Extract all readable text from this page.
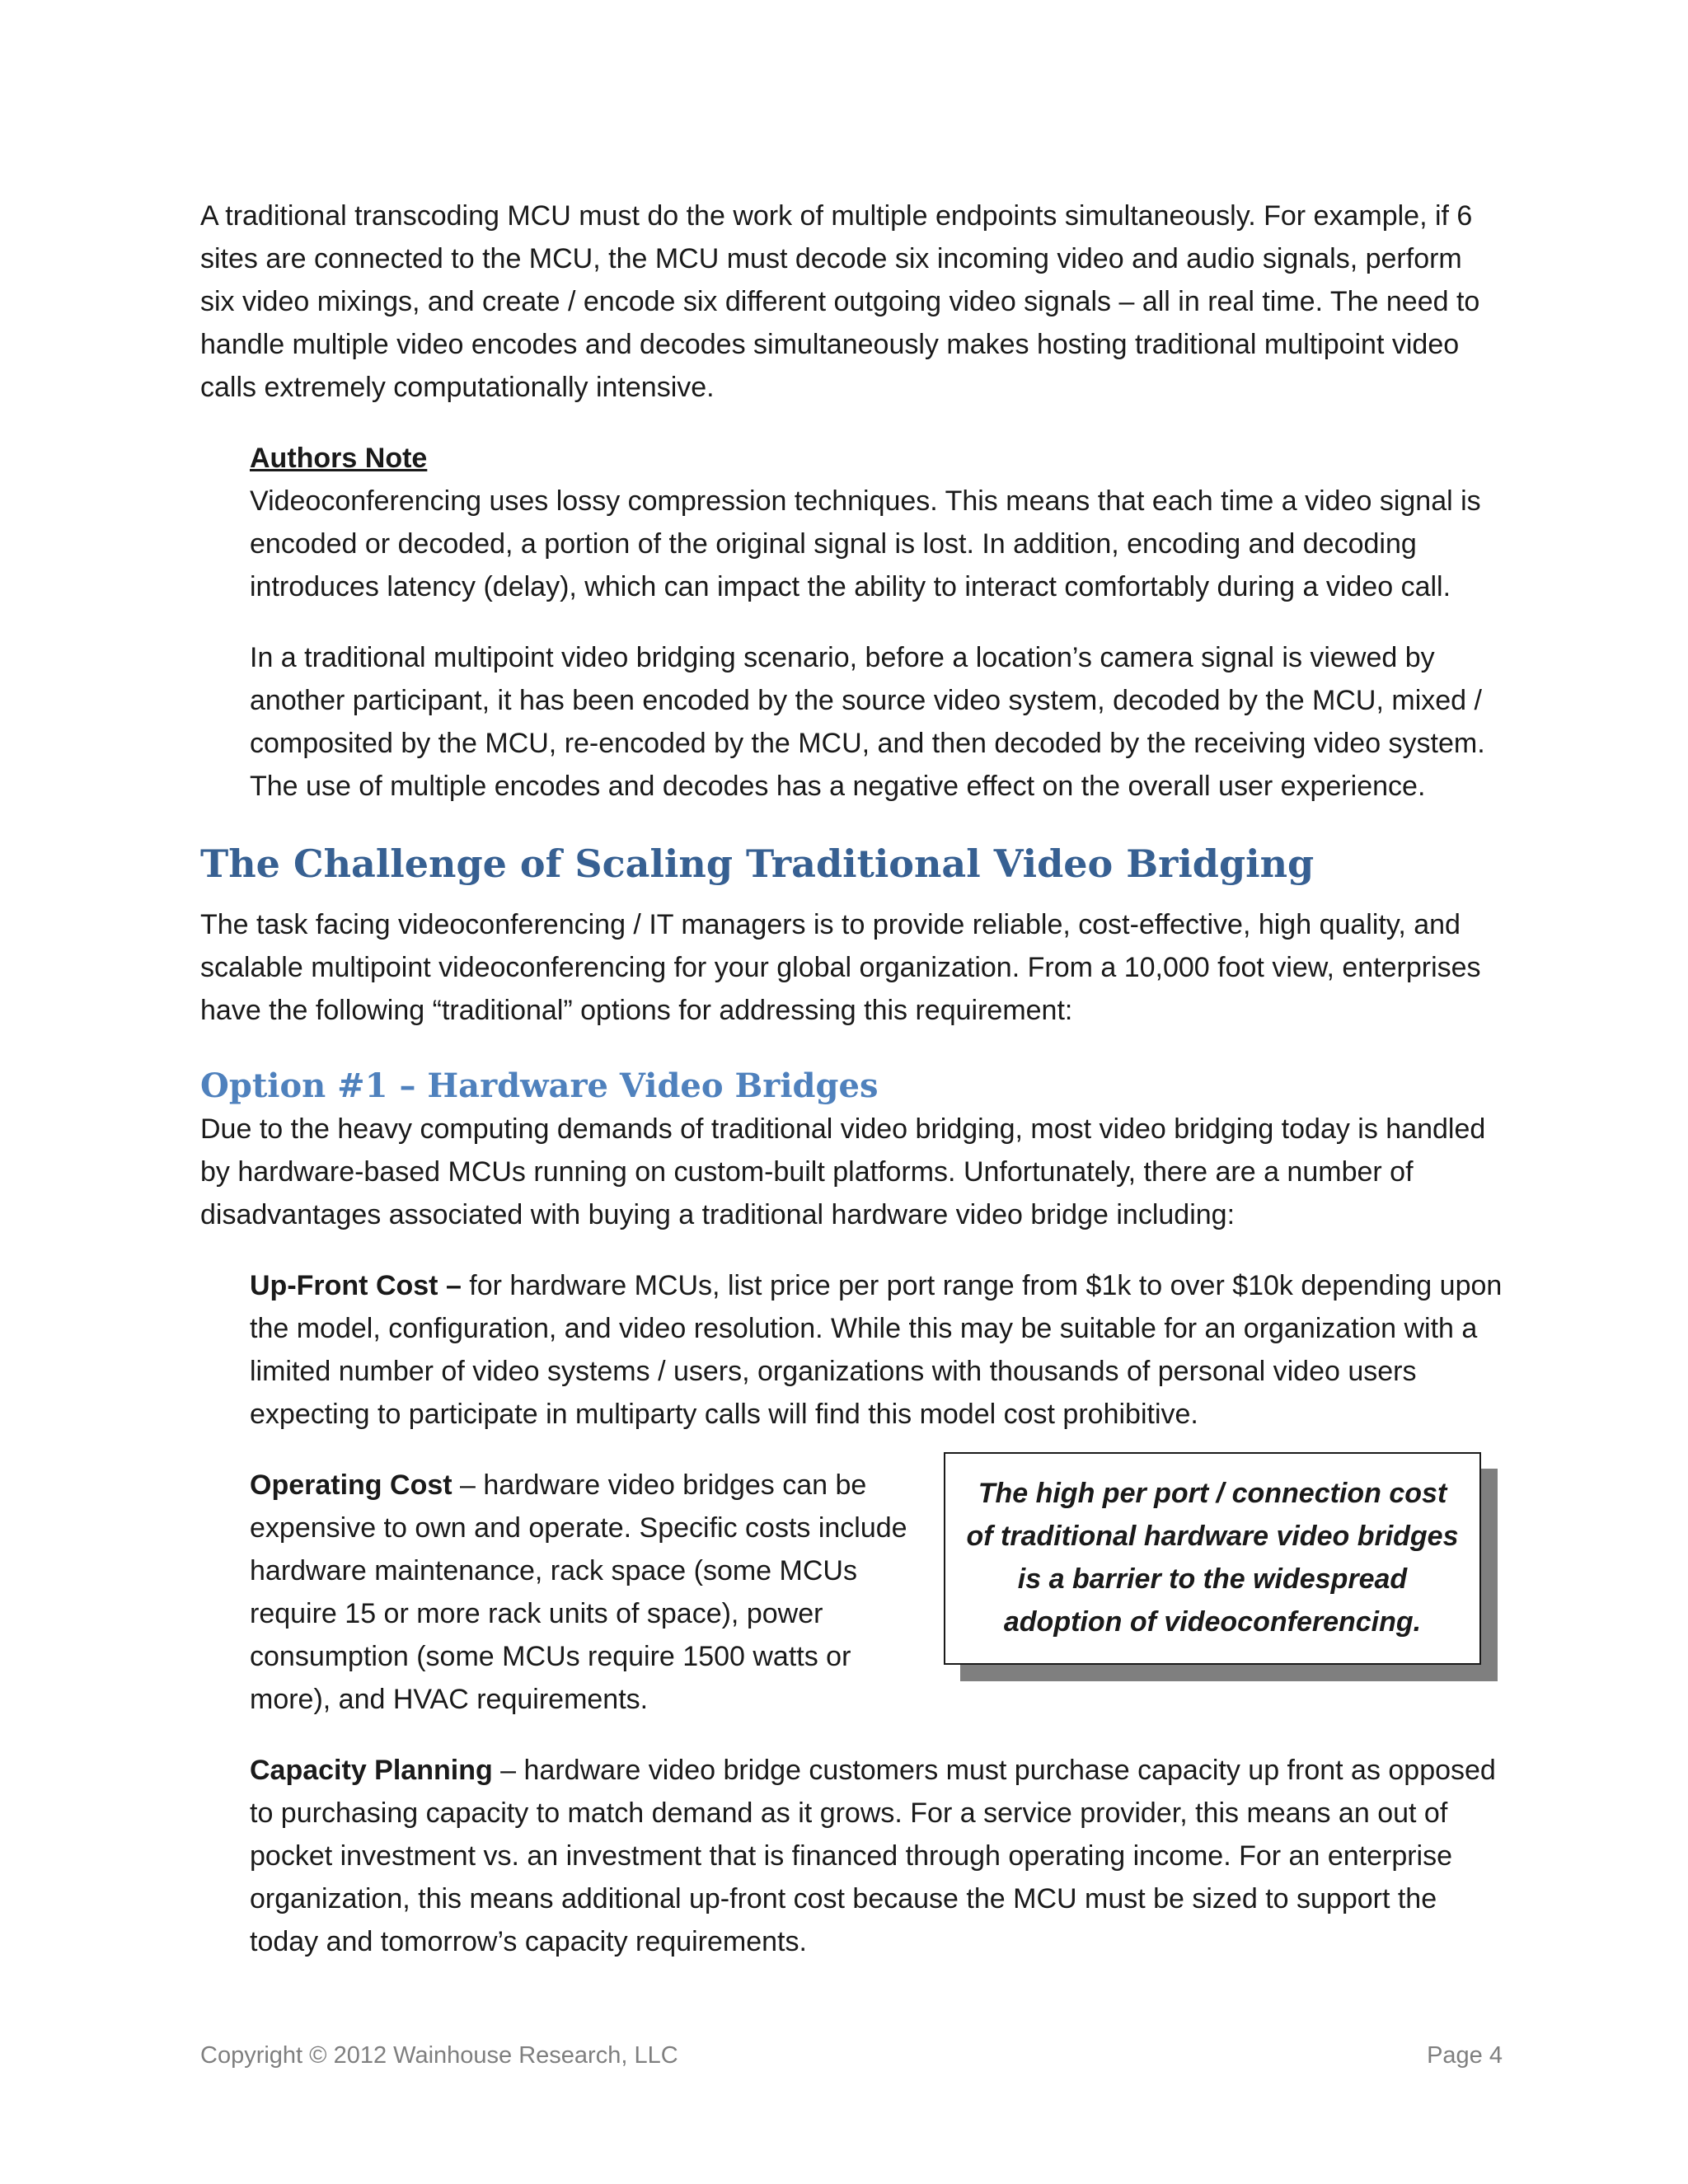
A traditional transcoding MCU must do the work of multiple endpoints simultaneously. For example, if 6 sites are connected to the MCU, the MCU must decode six incoming video and audio signals, perform six video mixings, and create / encode six different outgoing video signals – all in real time. The need to handle multiple video encodes and decodes simultaneously makes hosting traditional multipoint video calls extremely computationally intensive.

Authors Note
Videoconferencing uses lossy compression techniques. This means that each time a video signal is encoded or decoded, a portion of the original signal is lost. In addition, encoding and decoding introduces latency (delay), which can impact the ability to interact comfortably during a video call.

In a traditional multipoint video bridging scenario, before a location’s camera signal is viewed by another participant, it has been encoded by the source video system, decoded by the MCU, mixed / composited by the MCU, re-encoded by the MCU, and then decoded by the receiving video system. The use of multiple encodes and decodes has a negative effect on the overall user experience.

The Challenge of Scaling Traditional Video Bridging

The task facing videoconferencing / IT managers is to provide reliable, cost-effective, high quality, and scalable multipoint videoconferencing for your global organization. From a 10,000 foot view, enterprises have the following “traditional” options for addressing this requirement:

Option #1 – Hardware Video Bridges

Due to the heavy computing demands of traditional video bridging, most video bridging today is handled by hardware-based MCUs running on custom-built platforms. Unfortunately, there are a number of disadvantages associated with buying a traditional hardware video bridge including:

Up-Front Cost – for hardware MCUs, list price per port range from $1k to over $10k depending upon the model, configuration, and video resolution. While this may be suitable for an organization with a limited number of video systems / users, organizations with thousands of personal video users expecting to participate in multiparty calls will find this model cost prohibitive.

Operating Cost – hardware video bridges can be expensive to own and operate. Specific costs include hardware maintenance, rack space (some MCUs require 15 or more rack units of space), power consumption (some MCUs require 1500 watts or more), and HVAC requirements.

The high per port / connection cost of traditional hardware video bridges is a barrier to the widespread adoption of videoconferencing.

Capacity Planning – hardware video bridge customers must purchase capacity up front as opposed to purchasing capacity to match demand as it grows. For a service provider, this means an out of pocket investment vs. an investment that is financed through operating income. For an enterprise organization, this means additional up-front cost because the MCU must be sized to support the today and tomorrow’s capacity requirements.

Copyright © 2012 Wainhouse Research, LLC	Page 4
